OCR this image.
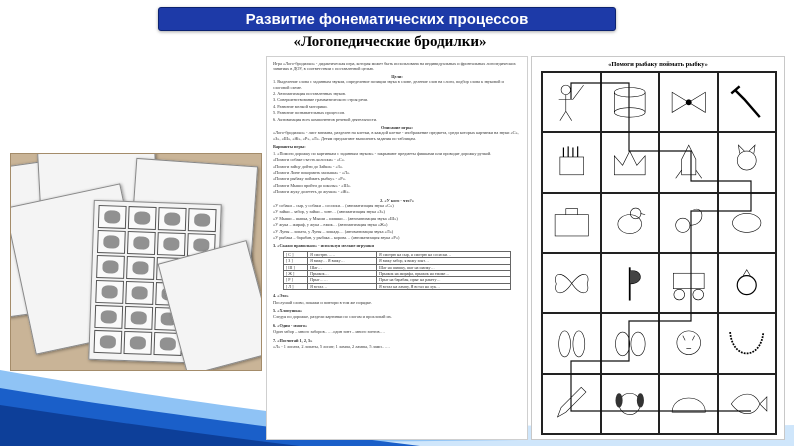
Развитие фонематических процессов
«Логопедические бродилки»

Игра «Лого-бродилки» - дидактическая игра, которая может быть использована на индивидуальных и фронтальных логопедических занятиях в ДОУ, в соответствии с поставленной целью.

Цели:

1. Выделение слова с заданным звуком, определение позиции звука в слове, деление слов на слоги, подбор слова к звуковой и слоговой схеме.

2. Автоматизация поставленных звуков.

3. Совершенствование грамматического строя речи.

4. Развитие мелкой моторики.

5. Развитие познавательных процессов.

6. Активизация всех компонентов речевой деятельности.

Описание игры:

«Лого-бродилки» - лист ватмана, разделен на клетки, в каждой клетке - изображение предмета, среди которых картинки на звуки «С», «З», «Ш», «Ж», «Р», «Л». Детям предлагают выполнить задания по таблицам.

Варианты игры:

1. «Помоги дорожку по картинкам с заданным звуком» - закрывают предметы фишками или проводят дорожку ручкой.

«Помоги собаке съесть колоски» - «С».

«Помоги зайцу дойти до Зайки» - «З».

«Помоги Лине покормить малыша» - «Л».

«Помоги рыбаку поймать рыбку» - «Р».

«Помоги Мыши пройти до школы» - «Ш».

«Помоги жуку долететь до жучки» - «Ж».

2. «У кого - что?»

«У собаки – сыр, у собаки – сосиски… (автоматизация звука «С»)

«У зайки – забор, у зайки – зонт… (автоматизация звука «З»)

«У Мыши – шапка, у Мыши – шишки… (автоматизация звука «Ш»)

«У жука – жираф, у жука – ежик… (автоматизация звука «Ж»)

«У Луны – лопата, у Луны – лошадь… (автоматизация звука «Л»)

«У рыбака – барабан, у рыбака – корова… (автоматизация звука «Р»)

3. «Скажи правильно» - используя мелкие игрушки

[ С ]	Я смотрю……	Я смотрю на сыр, я смотрю на сосиски…
[ З ]	Я вижу… Я вижу…	Я вижу забор, я вижу зонт…
[ Ш ]	Шаг…	Шаг на шишку, шаг на шапку…
[ Ж ]	Прыжок…	Прыжок на жирафа, прыжок на ежике…
[ Р ]	Прыг……	Прыг на барабан, прыг на ракету…
[ Л ]	Я встал…	Я встал на лампу, Я встал на лук…

4. «Эхо»

Послушай слово, покажи и повтори в том же порядке.

5. «Хлопушка»

Следуя по дорожке, раздели картинки по слогам и прохлопай их.

6. «Один - много»

Один забор – много заборов……один зонт – много зонтов….

7. «Посчитай 1, 2, 5»

«Л» - 1 лопата, 2 лопаты, 5 лопат; 1 лампа, 2 лампы, 5 ламп……

«Помоги рыбаку поймать рыбку»
